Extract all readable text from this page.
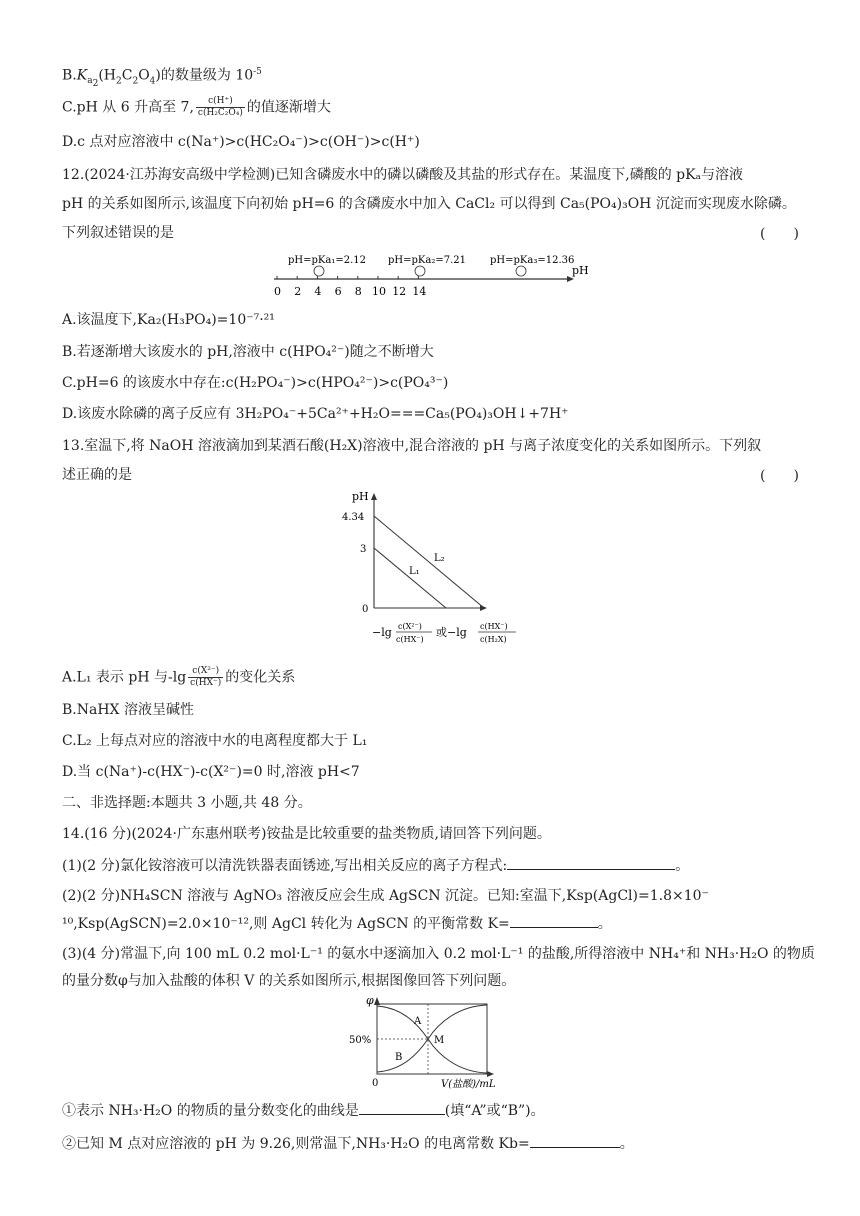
$B.K_{a_2}(H_2C_2O_4)$的数量级为 $10^{-5}$
C.pH 从 6 升高至 7, $\frac{c(H^+)}{\text{c(H₂C₂O₄)}}$ 的值逐渐增大
D.c 点对应溶液中 c(Na⁺)>c(HC₂O₄⁻)>c(OH⁻)>c(H⁺)
12.(2024·江苏海安高级中学检测)已知含磷废水中的磷以磷酸及其盐的形式存在。某温度下,磷酸的 pKₐ与溶液
pH 的关系如图所示,该温度下向初始 pH=6 的含磷废水中加入 CaCl₂ 可以得到 Ca₅(PO₄)₃OH 沉淀而实现废水除磷。
下列叙述错误的是	(　　)
0 2 4 6 8 10 12 14
pH
pH=pKa₁=2.12 pH=pKa₂=7.21 pH=pKa₃=12.36
A.该温度下,Ka₂(H₃PO₄)=10⁻⁷·²¹
B.若逐渐增大该废水的 pH,溶液中 c(HPO₄²⁻)随之不断增大
C.pH=6 的该废水中存在:c(H₂PO₄⁻)>c(HPO₄²⁻)>c(PO₄³⁻)
D.该废水除磷的离子反应有 3H₂PO₄⁻+5Ca²⁺+H₂O===Ca₅(PO₄)₃OH↓+7H⁺
13.室温下,将 NaOH 溶液滴加到某酒石酸(H₂X)溶液中,混合溶液的 pH 与离子浓度变化的关系如图所示。下列叙
述正确的是	(　　)
pH
4.34
3
0
L₂
L₁
−lg c(X²⁻)
c(HX⁻)
或−lg c(HX⁻)
c(H₂X)
A.L₁ 表示 pH 与$-\lg \frac{\text{c(X²⁻)}}{c(HX^-)}$ 的变化关系
B.NaHX 溶液呈碱性
C.L₂ 上每点对应的溶液中水的电离程度都大于 L₁
D.当 c(Na⁺)-c(HX⁻)-c(X²⁻)=0 时,溶液 pH<7
二、非选择题:本题共 3 小题,共 48 分。
14.(16 分)(2024·广东惠州联考)铵盐是比较重要的盐类物质,请回答下列问题。
(1)(2 分)氯化铵溶液可以清洗铁器表面锈迹,写出相关反应的离子方程式:	。
(2)(2 分)NH₄SCN 溶液与 AgNO₃ 溶液反应会生成 AgSCN 沉淀。已知:室温下,Ksp(AgCl)=1.8×10⁻
¹⁰,Ksp(AgSCN)=2.0×10⁻¹²,则 AgCl 转化为 AgSCN 的平衡常数 K=	。
(3)(4 分)常温下,向 100 mL 0.2 mol·L⁻¹ 的氨水中逐滴加入 0.2 mol·L⁻¹ 的盐酸,所得溶液中 NH₄⁺和 NH₃·H₂O 的物质
的量分数φ与加入盐酸的体积 V 的关系如图所示,根据图像回答下列问题。
φ
50%
A
B
M
0	V(盐酸)/mL
①表示 NH₃·H₂O 的物质的量分数变化的曲线是	(填“A”或“B”)。
②已知 M 点对应溶液的 pH 为 9.26,则常温下,NH₃·H₂O 的电离常数 Kb=	。
